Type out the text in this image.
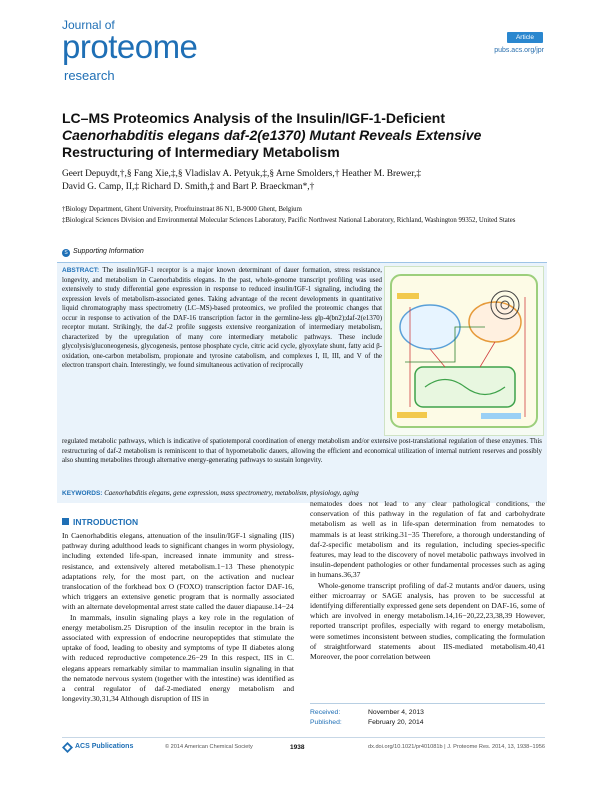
Journal of
proteome
research
Article
pubs.acs.org/jpr
LC–MS Proteomics Analysis of the Insulin/IGF-1-Deficient
Caenorhabditis elegans daf-2(e1370) Mutant Reveals Extensive
Restructuring of Intermediary Metabolism
Geert Depuydt,†,§ Fang Xie,‡,§ Vladislav A. Petyuk,‡,§ Arne Smolders,† Heather M. Brewer,‡
David G. Camp, II,‡ Richard D. Smith,‡ and Bart P. Braeckman*,†

†Biology Department, Ghent University, Proeftuinstraat 86 N1, B-9000 Ghent, Belgium

‡Biological Sciences Division and Environmental Molecular Sciences Laboratory, Pacific Northwest National Laboratory, Richland, Washington 99352, United States

S Supporting Information
ABSTRACT: The insulin/IGF-1 receptor is a major known determinant of dauer formation, stress resistance, longevity, and metabolism in Caenorhabditis elegans. In the past, whole-genome transcript profiling was used extensively to study differential gene expression in response to reduced insulin/IGF-1 signaling, including the expression levels of metabolism-associated genes. Taking advantage of the recent developments in quantitative liquid chromatography mass spectrometry (LC–MS)-based proteomics, we profiled the proteomic changes that occur in response to activation of the DAF-16 transcription factor in the germline-less glp-4(bn2);daf-2(e1370) receptor mutant. Strikingly, the daf-2 profile suggests extensive reorganization of intermediary metabolism, characterized by the upregulation of many core intermediary metabolic pathways. These include glycolysis/gluconeogenesis, glycogenesis, pentose phosphate cycle, citric acid cycle, glyoxylate shunt, fatty acid β-oxidation, one-carbon metabolism, propionate and tyrosine catabolism, and complexes I, II, III, and V of the electron transport chain. Interestingly, we found simultaneous activation of reciprocally
regulated metabolic pathways, which is indicative of spatiotemporal coordination of energy metabolism and/or extensive post-translational regulation of these enzymes. This restructuring of daf-2 metabolism is reminiscent to that of hypometabolic dauers, allowing the efficient and economical utilization of internal nutrient reserves and possibly also shunting metabolites through alternative energy-generating pathways to sustain longevity.
KEYWORDS: Caenorhabditis elegans, gene expression, mass spectrometry, metabolism, physiology, aging
INTRODUCTION

In Caenorhabditis elegans, attenuation of the insulin/IGF-1 signaling (IIS) pathway during adulthood leads to significant changes in worm physiology, including extended life-span, increased innate immunity and stress-resistance, and extensively altered metabolism.1−13 These phenotypic adaptations rely, for the most part, on the activation and nuclear translocation of the forkhead box O (FOXO) transcription factor DAF-16, which triggers an extensive genetic program that is normally associated with an alternate developmental arrest state called the dauer diapause.14−24

In mammals, insulin signaling plays a key role in the regulation of energy metabolism.25 Disruption of the insulin receptor in the brain is associated with expression of endocrine neuropeptides that stimulate the uptake of food, leading to obesity and symptoms of type II diabetes along with reduced reproductive competence.26−29 In this respect, IIS in C. elegans appears remarkably similar to mammalian insulin signaling in that the nematode nervous system (together with the intestine) was identified as a central regulator of daf-2-mediated energy metabolism and longevity.30,31,34 Although disruption of IIS in

nematodes does not lead to any clear pathological conditions, the conservation of this pathway in the regulation of fat and carbohydrate metabolism as well as in life-span determination from nematodes to mammals is at least striking.31−35 Therefore, a thorough understanding of daf-2-specific metabolism and its regulation, including species-specific features, may lead to the discovery of novel metabolic pathways involved in insulin-dependent pathologies or other fundamental processes such as aging in humans.36,37

Whole-genome transcript profiling of daf-2 mutants and/or dauers, using either microarray or SAGE analysis, has proven to be successful at identifying differentially expressed gene sets dependent on DAF-16, some of which are involved in energy metabolism.14,16−20,22,23,38,39 However, reported transcript profiles, especially with regard to energy metabolism, were sometimes inconsistent between studies, complicating the formulation of straightforward statements about IIS-mediated metabolism.40,41 Moreover, the poor correlation between

Received:	November 4, 2013
Published:	February 20, 2014
ACS Publications	© 2014 American Chemical Society	1938	dx.doi.org/10.1021/pr401081b | J. Proteome Res. 2014, 13, 1938−1956
